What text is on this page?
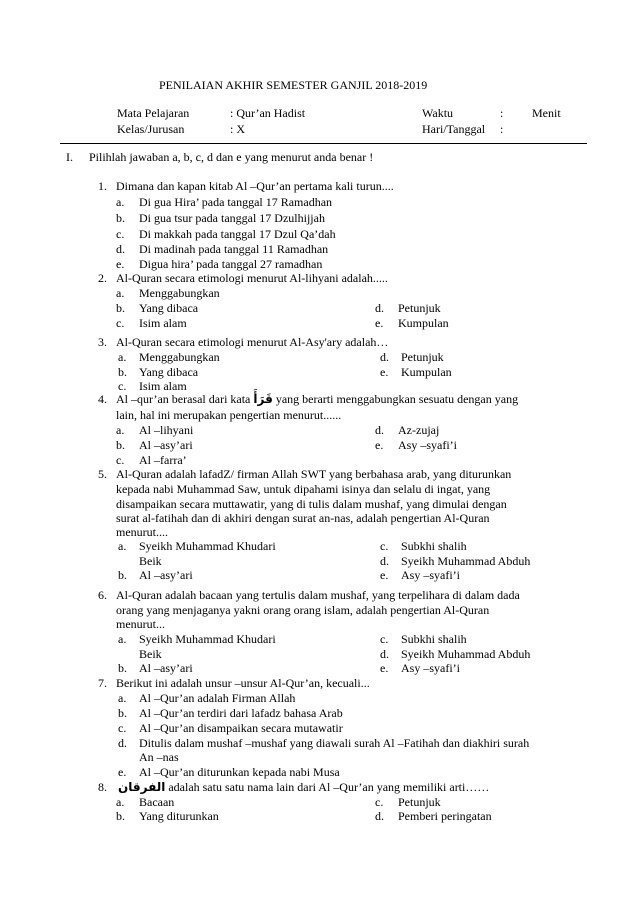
PENILAIAN AKHIR SEMESTER GANJIL 2018-2019
Mata Pelajaran	: Qur’an Hadist	Waktu	: Menit
Kelas/Jurusan	: X	Hari/Tanggal :
I. Pilihlah jawaban a, b, c, d dan e yang menurut anda benar !
1. Dimana dan kapan kitab Al –Qur’an pertama kali turun....
a. Di gua Hira’ pada tanggal 17 Ramadhan
b. Di gua tsur pada tanggal 17 Dzulhijjah
c. Di makkah pada tanggal 17 Dzul Qa’dah
d. Di madinah pada tanggal 11 Ramadhan
e. Digua hira’ pada tanggal 27 ramadhan
2. Al-Quran secara etimologi menurut Al-lihyani adalah.....
a. Menggabungkan
b. Yang dibaca	d. Petunjuk
c. Isim alam	e. Kumpulan
3. Al-Quran secara etimologi menurut Al-Asy'ary adalah…
a. Menggabungkan	d. Petunjuk
b. Yang dibaca	e. Kumpulan
c. Isim alam
4. Al –qur’an berasal dari kata قَرَأَ yang berarti menggabungkan sesuatu dengan yang
lain, hal ini merupakan pengertian menurut......
a. Al –lihyani	d. Az-zujaj
b. Al –asy’ari	e. Asy –syafi’i
c. Al –farra’
5. Al-Quran adalah lafadZ/ firman Allah SWT yang berbahasa arab, yang diturunkan
kepada nabi Muhammad Saw, untuk dipahami isinya dan selalu di ingat, yang
disampaikan secara muttawatir, yang di tulis dalam mushaf, yang dimulai dengan
surat al-fatihah dan di akhiri dengan surat an-nas, adalah pengertian Al-Quran
menurut....
a. Syeikh Muhammad Khudari	c. Subkhi shalih
Beik	d. Syeikh Muhammad Abduh
b. Al –asy’ari	e. Asy –syafi’i
6. Al-Quran adalah bacaan yang tertulis dalam mushaf, yang terpelihara di dalam dada
orang yang menjaganya yakni orang orang islam, adalah pengertian Al-Quran
menurut...
a. Syeikh Muhammad Khudari	c. Subkhi shalih
Beik	d. Syeikh Muhammad Abduh
b. Al –asy’ari	e. Asy –syafi’i
7. Berikut ini adalah unsur –unsur Al-Qur’an, kecuali...
a. Al –Qur’an adalah Firman Allah
b. Al –Qur’an terdiri dari lafadz bahasa Arab
c. Al –Qur’an disampaikan secara mutawatir
d. Ditulis dalam mushaf –mushaf yang diawali surah Al –Fatihah dan diakhiri surah
An –nas
e. Al –Qur’an diturunkan kepada nabi Musa
8. الفرقان adalah satu satu nama lain dari Al –Qur’an yang memiliki arti……
a. Bacaan	c. Petunjuk
b. Yang diturunkan	d. Pemberi peringatan
